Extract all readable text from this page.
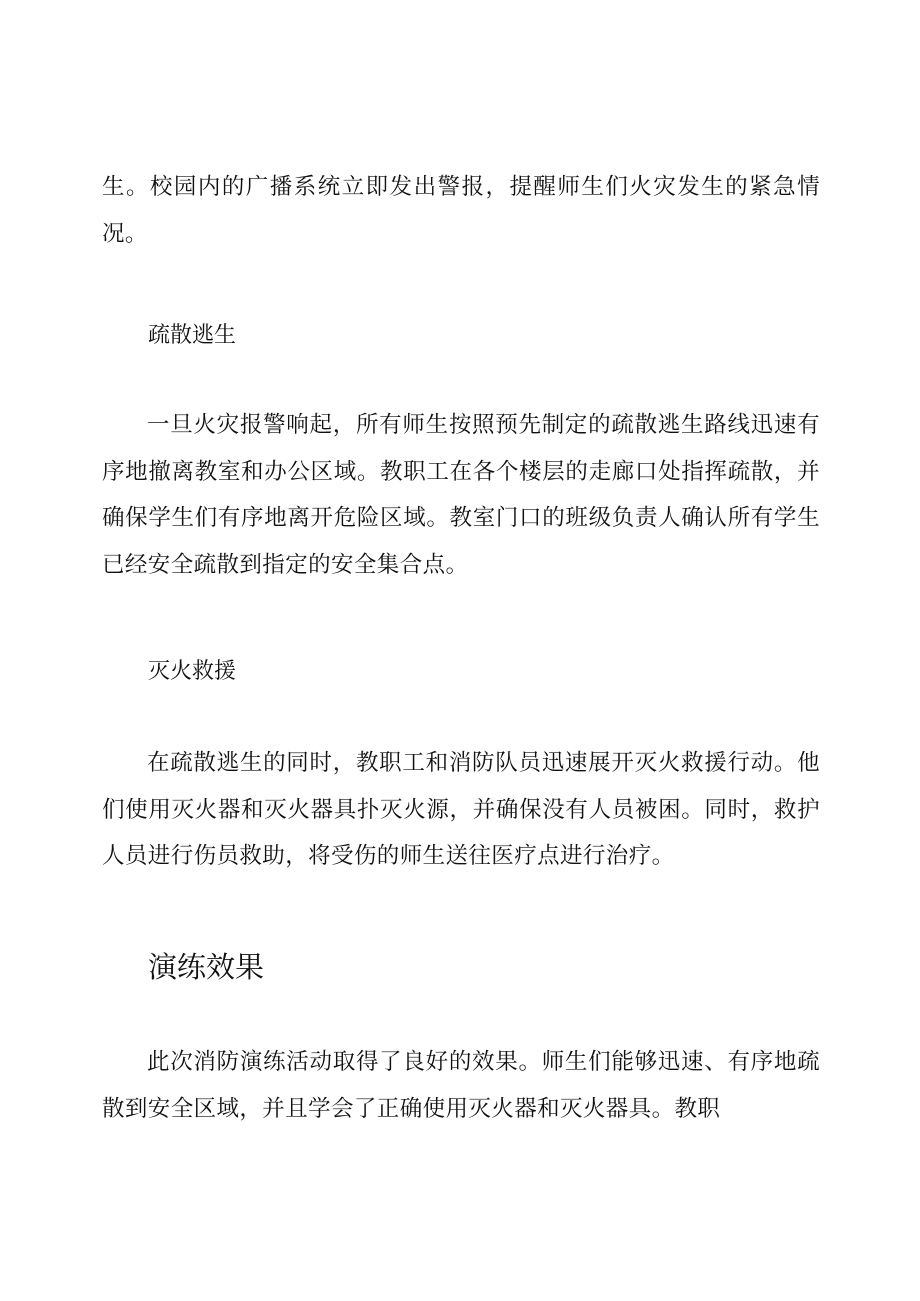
生。校园内的广播系统立即发出警报，提醒师生们火灾发生的紧急情况。

疏散逃生

一旦火灾报警响起，所有师生按照预先制定的疏散逃生路线迅速有序地撤离教室和办公区域。教职工在各个楼层的走廊口处指挥疏散，并确保学生们有序地离开危险区域。教室门口的班级负责人确认所有学生已经安全疏散到指定的安全集合点。

灭火救援

在疏散逃生的同时，教职工和消防队员迅速展开灭火救援行动。他们使用灭火器和灭火器具扑灭火源，并确保没有人员被困。同时，救护人员进行伤员救助，将受伤的师生送往医疗点进行治疗。

演练效果

此次消防演练活动取得了良好的效果。师生们能够迅速、有序地疏散到安全区域，并且学会了正确使用灭火器和灭火器具。教职
